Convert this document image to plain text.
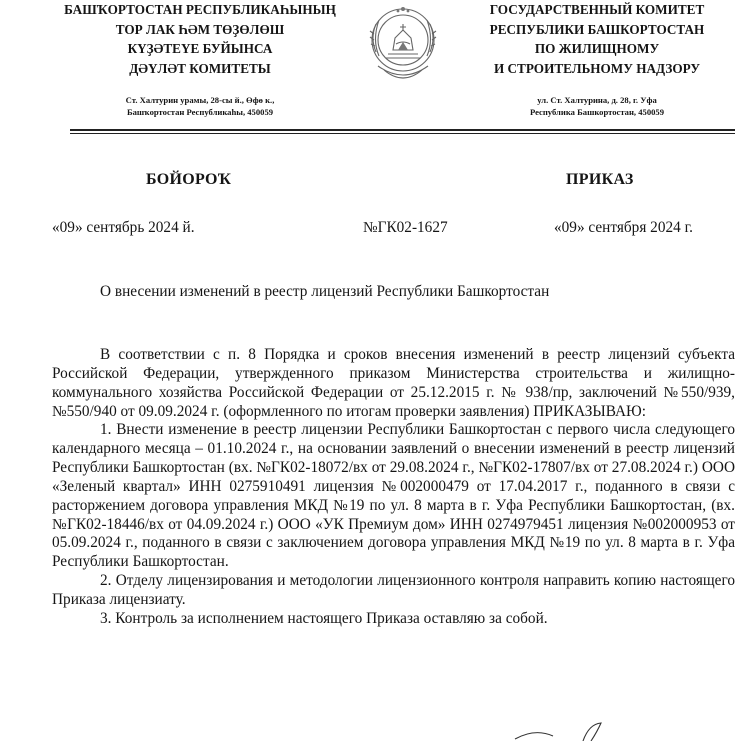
БАШҠОРТОСТАН РЕСПУБЛИКАҺЫНЫҢ
ТОР ЛАК ҺӘМ ТӨҘӨЛӨШ
КҮҘӘТЕҮЕ БУЙЫНСА
ДӘҮЛӘТ КОМИТЕТЫ
Ст. Халтурин урамы, 28-сы й., Өфө к.,
Башҡортостан Республикаһы, 450059
ГОСУДАРСТВЕННЫЙ КОМИТЕТ
РЕСПУБЛИКИ БАШКОРТОСТАН
ПО ЖИЛИЩНОМУ
И СТРОИТЕЛЬНОМУ НАДЗОРУ
ул. Ст. Халтурина, д. 28, г. Уфа
Республика Башкортостан, 450059
БОЙОРОҠ	ПРИКАЗ
«09» сентябрь 2024 й.	№ГК02-1627	«09» сентября 2024 г.
О внесении изменений в реестр лицензий Республики Башкортостан

В соответствии с п. 8 Порядка и сроков внесения изменений в реестр лицензий субъекта Российской Федерации, утвержденного приказом Министерства строительства и жилищно-коммунального хозяйства Российской Федерации от 25.12.2015 г. № 938/пр, заключений №550/939, №550/940 от 09.09.2024 г. (оформленного по итогам проверки заявления) ПРИКАЗЫВАЮ:

1. Внести изменение в реестр лицензии Республики Башкортостан с первого числа следующего календарного месяца – 01.10.2024 г., на основании заявлений о внесении изменений в реестр лицензий Республики Башкортостан (вх. №ГК02-18072/вх от 29.08.2024 г., №ГК02-17807/вх от 27.08.2024 г.) ООО «Зеленый квартал» ИНН 0275910491 лицензия №002000479 от 17.04.2017 г., поданного в связи с расторжением договора управления МКД №19 по ул. 8 марта в г. Уфа Республики Башкортостан, (вх. №ГК02-18446/вх от 04.09.2024 г.) ООО «УК Премиум дом» ИНН 0274979451 лицензия №002000953 от 05.09.2024 г., поданного в связи с заключением договора управления МКД №19 по ул. 8 марта в г. Уфа Республики Башкортостан.

2. Отделу лицензирования и методологии лицензионного контроля направить копию настоящего Приказа лицензиату.

3. Контроль за исполнением настоящего Приказа оставляю за собой.
